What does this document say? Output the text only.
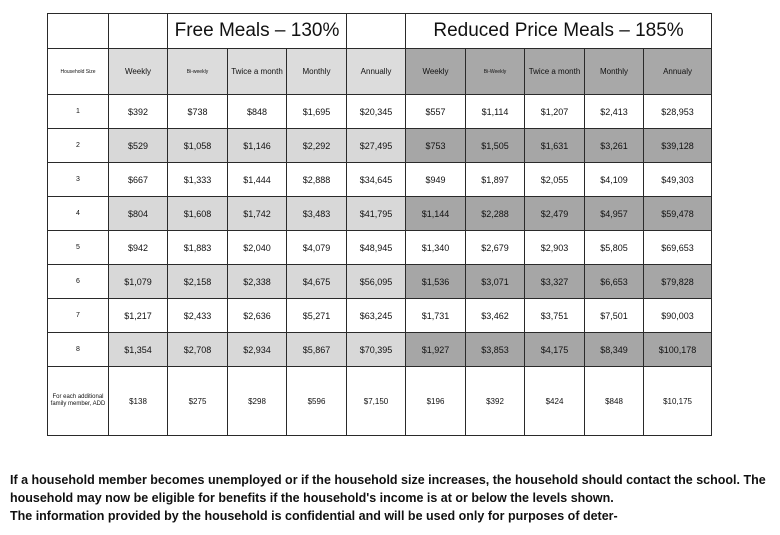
		Free Meals – 130%				Reduced Price Meals – 185%				
Household Size	Weekly	Bi-weekly	Twice a month	Monthly	Annually	Weekly	Bi-Weekly	Twice a month	Monthly	Annualy
1	$392	$738	$848	$1,695	$20,345	$557	$1,114	$1,207	$2,413	$28,953
2	$529	$1,058	$1,146	$2,292	$27,495	$753	$1,505	$1,631	$3,261	$39,128
3	$667	$1,333	$1,444	$2,888	$34,645	$949	$1,897	$2,055	$4,109	$49,303
4	$804	$1,608	$1,742	$3,483	$41,795	$1,144	$2,288	$2,479	$4,957	$59,478
5	$942	$1,883	$2,040	$4,079	$48,945	$1,340	$2,679	$2,903	$5,805	$69,653
6	$1,079	$2,158	$2,338	$4,675	$56,095	$1,536	$3,071	$3,327	$6,653	$79,828
7	$1,217	$2,433	$2,636	$5,271	$63,245	$1,731	$3,462	$3,751	$7,501	$90,003
8	$1,354	$2,708	$2,934	$5,867	$70,395	$1,927	$3,853	$4,175	$8,349	$100,178
For each additional family member, ADD	$138	$275	$298	$596	$7,150	$196	$392	$424	$848	$10,175

If a household member becomes unemployed or if the household size increases, the household should contact the school. The household may now be eligible for benefits if the household's income is at or below the levels shown.

The information provided by the household is confidential and will be used only for purposes of deter-
